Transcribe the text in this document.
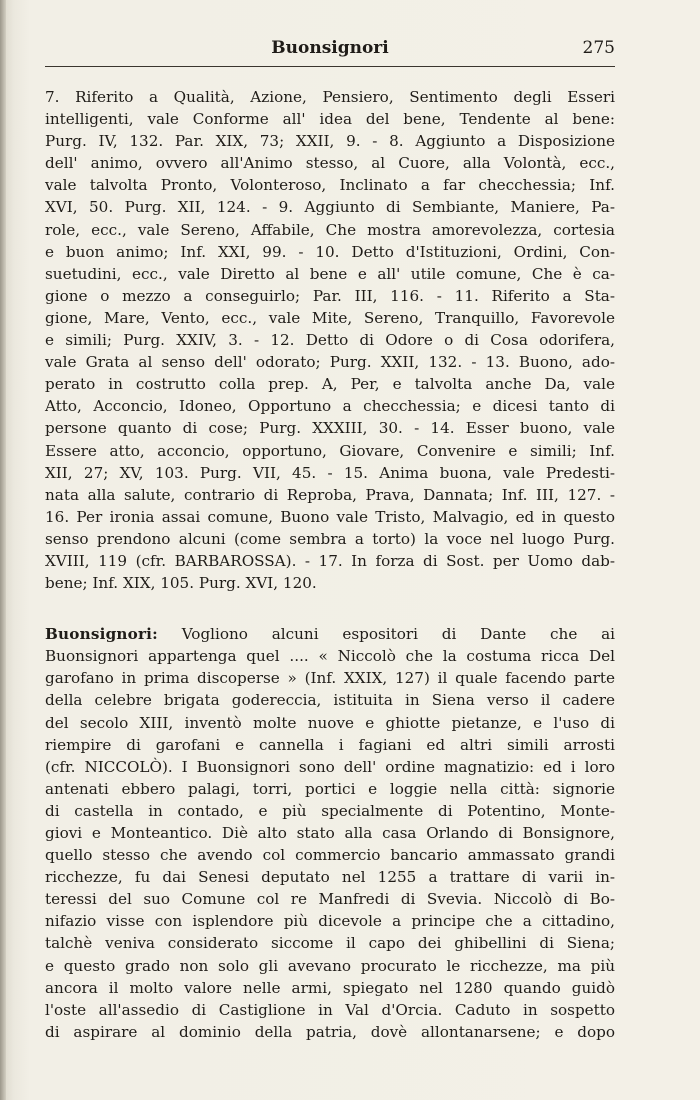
Buonsignori	275
7. Riferito a Qualità, Azione, Pensiero, Sentimento degli Esseri
intelligenti, vale Conforme all' idea del bene, Tendente al bene:
Purg. IV, 132. Par. XIX, 73; XXII, 9. - 8. Aggiunto a Disposizione
dell' animo, ovvero all'Animo stesso, al Cuore, alla Volontà, ecc.,
vale talvolta Pronto, Volonteroso, Inclinato a far checchessia; Inf.
XVI, 50. Purg. XII, 124. - 9. Aggiunto di Sembiante, Maniere, Pa-
role, ecc., vale Sereno, Affabile, Che mostra amorevolezza, cortesia
e buon animo; Inf. XXI, 99. - 10. Detto d'Istituzioni, Ordini, Con-
suetudini, ecc., vale Diretto al bene e all' utile comune, Che è ca-
gione o mezzo a conseguirlo; Par. III, 116. - 11. Riferito a Sta-
gione, Mare, Vento, ecc., vale Mite, Sereno, Tranquillo, Favorevole
e simili; Purg. XXIV, 3. - 12. Detto di Odore o di Cosa odorifera,
vale Grata al senso dell' odorato; Purg. XXII, 132. - 13. Buono, ado-
perato in costrutto colla prep. A, Per, e talvolta anche Da, vale
Atto, Acconcio, Idoneo, Opportuno a checchessia; e dicesi tanto di
persone quanto di cose; Purg. XXXIII, 30. - 14. Esser buono, vale
Essere atto, acconcio, opportuno, Giovare, Convenire e simili; Inf.
XII, 27; XV, 103. Purg. VII, 45. - 15. Anima buona, vale Predesti-
nata alla salute, contrario di Reproba, Prava, Dannata; Inf. III, 127. -
16. Per ironia assai comune, Buono vale Tristo, Malvagio, ed in questo
senso prendono alcuni (come sembra a torto) la voce nel luogo Purg.
XVIII, 119 (cfr. BARBAROSSA). - 17. In forza di Sost. per Uomo dab-
bene; Inf. XIX, 105. Purg. XVI, 120.
Buonsignori: Vogliono alcuni espositori di Dante che ai
Buonsignori appartenga quel .... « Niccolò che la costuma ricca Del
garofano in prima discoperse » (Inf. XXIX, 127) il quale facendo parte
della celebre brigata godereccia, istituita in Siena verso il cadere
del secolo XIII, inventò molte nuove e ghiotte pietanze, e l'uso di
riempire di garofani e cannella i fagiani ed altri simili arrosti
(cfr. NICCOLÒ). I Buonsignori sono dell' ordine magnatizio: ed i loro
antenati ebbero palagi, torri, portici e loggie nella città: signorie
di castella in contado, e più specialmente di Potentino, Monte-
giovi e Monteantico. Diè alto stato alla casa Orlando di Bonsignore,
quello stesso che avendo col commercio bancario ammassato grandi
ricchezze, fu dai Senesi deputato nel 1255 a trattare di varii in-
teressi del suo Comune col re Manfredi di Svevia. Niccolò di Bo-
nifazio visse con isplendore più dicevole a principe che a cittadino,
talchè veniva considerato siccome il capo dei ghibellini di Siena;
e questo grado non solo gli avevano procurato le ricchezze, ma più
ancora il molto valore nelle armi, spiegato nel 1280 quando guidò
l'oste all'assedio di Castiglione in Val d'Orcia. Caduto in sospetto
di aspirare al dominio della patria, dovè allontanarsene; e dopo
